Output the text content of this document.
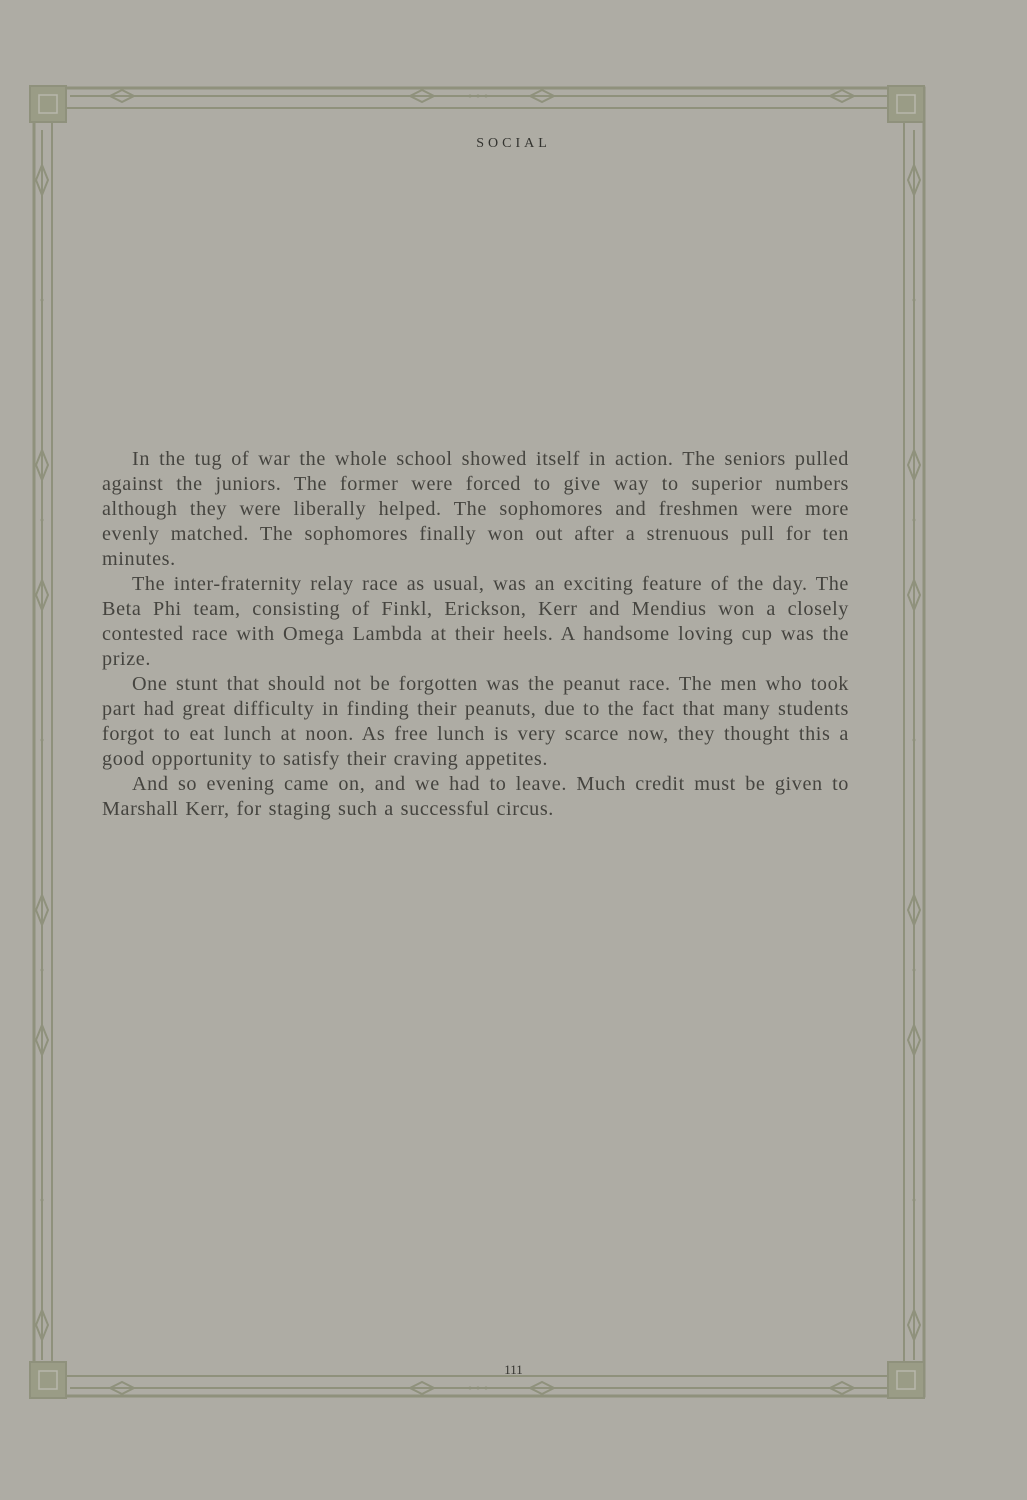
SOCIAL

In the tug of war the whole school showed itself in action. The seniors pulled against the juniors. The former were forced to give way to superior numbers although they were liberally helped. The sophomores and freshmen were more evenly matched. The sophomores finally won out after a strenuous pull for ten minutes.

The inter-fraternity relay race as usual, was an exciting feature of the day. The Beta Phi team, consisting of Finkl, Erickson, Kerr and Mendius won a closely contested race with Omega Lambda at their heels. A handsome loving cup was the prize.

One stunt that should not be forgotten was the peanut race. The men who took part had great difficulty in finding their peanuts, due to the fact that many students forgot to eat lunch at noon. As free lunch is very scarce now, they thought this a good opportunity to satisfy their craving appetites.

And so evening came on, and we had to leave. Much credit must be given to Marshall Kerr, for staging such a successful circus.

111
